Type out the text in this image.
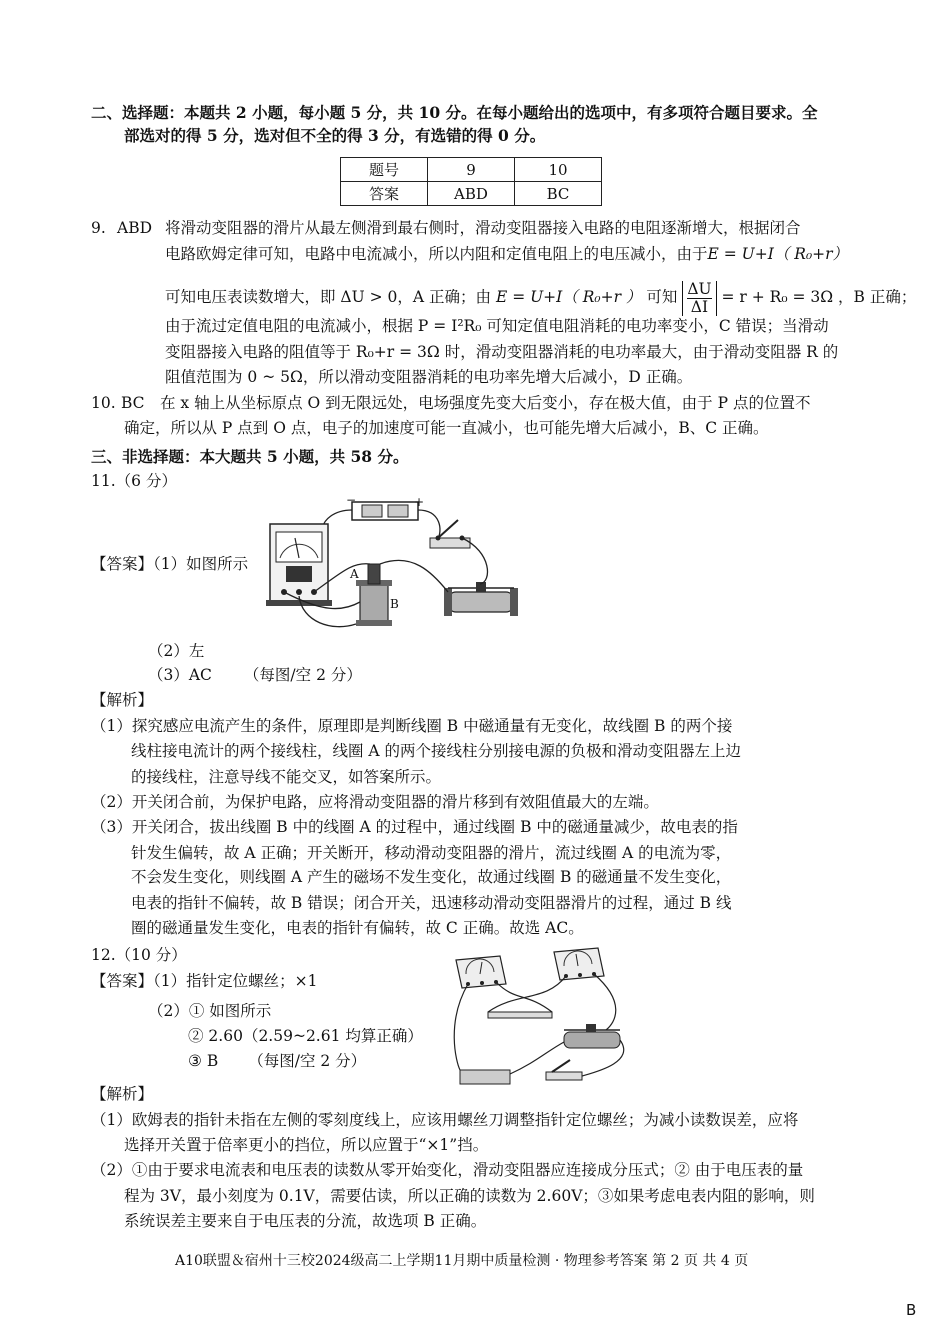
二、选择题：本题共 2 小题，每小题 5 分，共 10 分。在每小题给出的选项中，有多项符合题目要求。全
部选对的得 5 分，选对但不全的得 3 分，有选错的得 0 分。
题号	9	10
答案	ABD	BC
9. ABD 将滑动变阻器的滑片从最左侧滑到最右侧时，滑动变阻器接入电路的电阻逐渐增大，根据闭合
电路欧姆定律可知，电路中电流减小，所以内阻和定值电阻上的电压减小，由于E = U+I（ R₀+r）
可知电压表读数增大，即 ΔU > 0，A 正确；由 E = U+I（ R₀+r ） 可知 $\frac{\Delta U}{\Delta I} = r + R_0 = 3\Omega$ ，B 正确；
由于流过定值电阻的电流减小，根据 P = I²R₀ 可知定值电阻消耗的电功率变小，C 错误；当滑动
变阻器接入电路的阻值等于 R₀+r = 3Ω 时，滑动变阻器消耗的电功率最大，由于滑动变阻器 R 的
阻值范围为 0 ~ 5Ω，所以滑动变阻器消耗的电功率先增大后减小，D 正确。
10. BC 在 x 轴上从坐标原点 O 到无限远处，电场强度先变大后变小，存在极大值，由于 P 点的位置不
确定，所以从 P 点到 O 点，电子的加速度可能一直减小，也可能先增大后减小，B、C 正确。
三、非选择题：本大题共 5 小题，共 58 分。
11.（6 分）
【答案】（1）如图所示
−	+
A
B
（2）左
（3）AC （每图/空 2 分）
【解析】
（1）探究感应电流产生的条件，原理即是判断线圈 B 中磁通量有无变化，故线圈 B 的两个接
线柱接电流计的两个接线柱，线圈 A 的两个接线柱分别接电源的负极和滑动变阻器左上边
的接线柱，注意导线不能交叉，如答案所示。
（2）开关闭合前，为保护电路，应将滑动变阻器的滑片移到有效阻值最大的左端。
（3）开关闭合，拔出线圈 B 中的线圈 A 的过程中，通过线圈 B 中的磁通量减少，故电表的指
针发生偏转，故 A 正确；开关断开，移动滑动变阻器的滑片，流过线圈 A 的电流为零，
不会发生变化，则线圈 A 产生的磁场不发生变化，故通过线圈 B 的磁通量不发生变化，
电表的指针不偏转，故 B 错误；闭合开关，迅速移动滑动变阻器滑片的过程，通过 B 线
圈的磁通量发生变化，电表的指针有偏转，故 C 正确。故选 AC。
12.（10 分）
【答案】（1）指针定位螺丝；×1
（2）① 如图所示
② 2.60（2.59~2.61 均算正确）
③ B （每图/空 2 分）
【解析】
（1）欧姆表的指针未指在左侧的零刻度线上，应该用螺丝刀调整指针定位螺丝；为减小读数误差，应将
选择开关置于倍率更小的挡位，所以应置于“×1”挡。
（2）①由于要求电流表和电压表的读数从零开始变化，滑动变阻器应连接成分压式；② 由于电压表的量
程为 3V，最小刻度为 0.1V，需要估读，所以正确的读数为 2.60V；③如果考虑电表内阻的影响，则
系统误差主要来自于电压表的分流，故选项 B 正确。
A10联盟＆宿州十三校2024级高二上学期11月期中质量检测 · 物理参考答案 第 2 页 共 4 页
B
